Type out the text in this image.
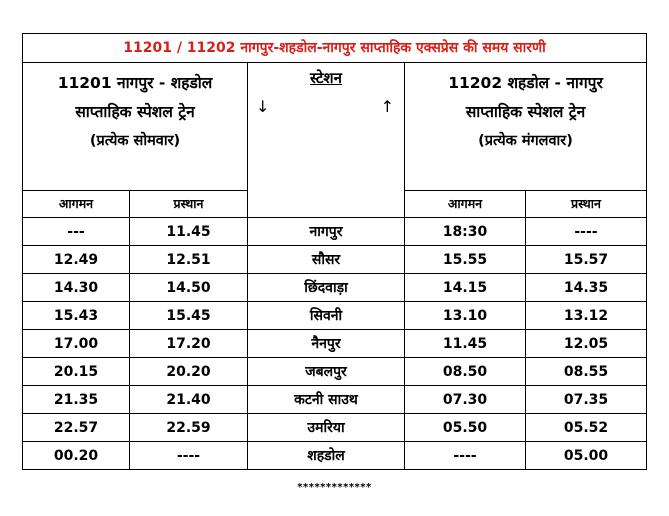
11201 / 11202 नागपुर-शहडोल-नागपुर साप्ताहिक एक्सप्रेस की समय सारणी				

11201 नागपुर - शहडोल
साप्ताहिक स्पेशल ट्रेन
(प्रत्येक सोमवार)		स्टेशन
↓ ↑	11202 शहडोल - नागपुर
साप्ताहिक स्पेशल ट्रेन
(प्रत्येक मंगलवार)	

आगमन	प्रस्थान		आगमन	प्रस्थान
---	11.45	नागपुर	18:30	----
12.49	12.51	सौसर	15.55	15.57
14.30	14.50	छिंदवाड़ा	14.15	14.35
15.43	15.45	सिवनी	13.10	13.12
17.00	17.20	नैनपुर	11.45	12.05
20.15	20.20	जबलपुर	08.50	08.55
21.35	21.40	कटनी साउथ	07.30	07.35
22.57	22.59	उमरिया	05.50	05.52
00.20	----	शहडोल	----	05.00
*************
